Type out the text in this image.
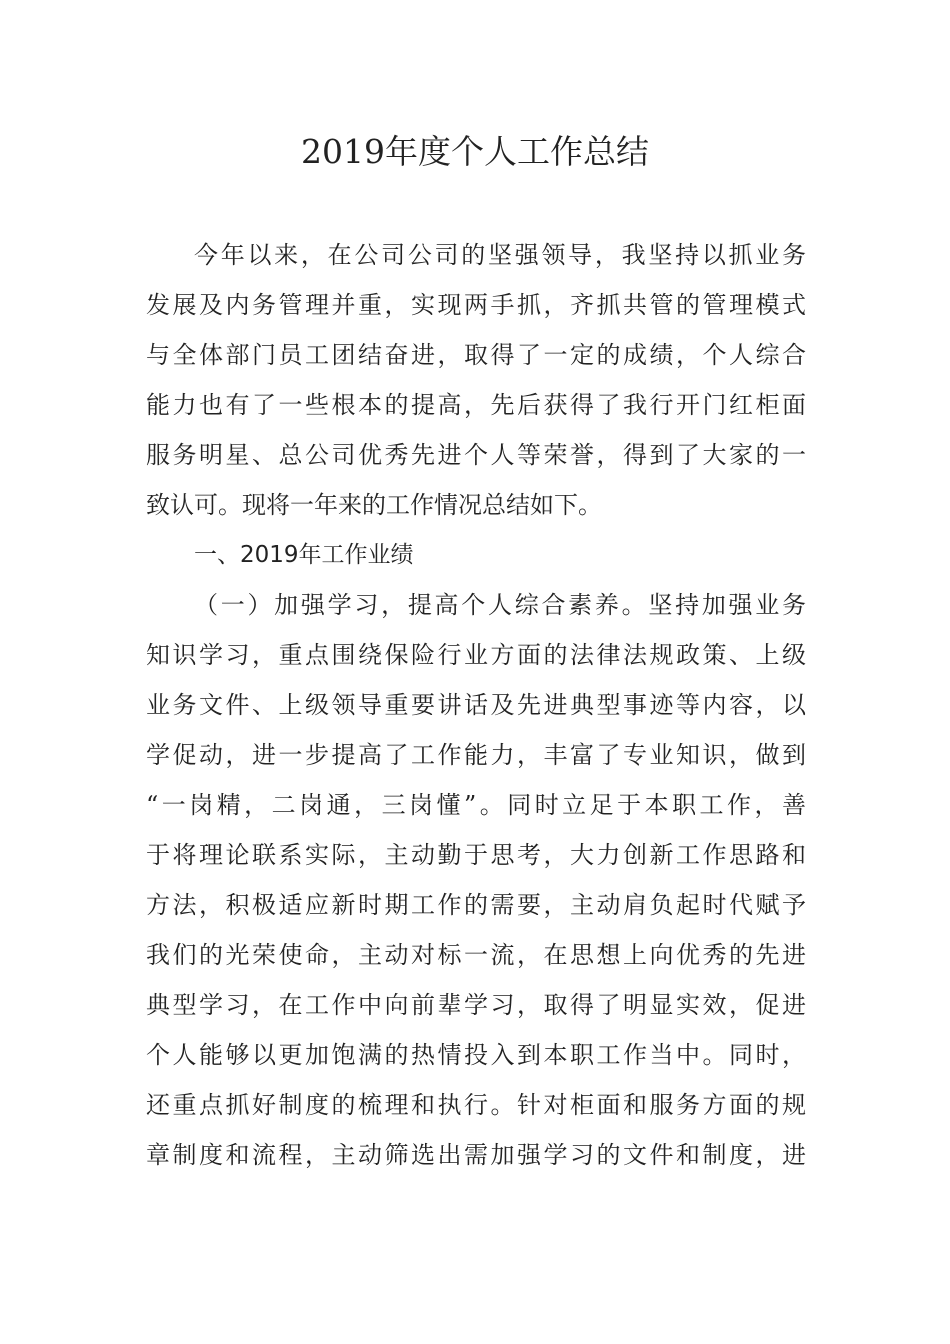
2019年度个人工作总结
今年以来，在公司公司的坚强领导，我坚持以抓业务
发展及内务管理并重，实现两手抓，齐抓共管的管理模式
与全体部门员工团结奋进，取得了一定的成绩，个人综合
能力也有了一些根本的提高，先后获得了我行开门红柜面
服务明星、总公司优秀先进个人等荣誉，得到了大家的一
致认可。现将一年来的工作情况总结如下。
一、2019年工作业绩
（一）加强学习，提高个人综合素养。坚持加强业务
知识学习，重点围绕保险行业方面的法律法规政策、上级
业务文件、上级领导重要讲话及先进典型事迹等内容，以
学促动，进一步提高了工作能力，丰富了专业知识，做到
“一岗精，二岗通，三岗懂”。同时立足于本职工作，善
于将理论联系实际，主动勤于思考，大力创新工作思路和
方法，积极适应新时期工作的需要，主动肩负起时代赋予
我们的光荣使命，主动对标一流，在思想上向优秀的先进
典型学习，在工作中向前辈学习，取得了明显实效，促进
个人能够以更加饱满的热情投入到本职工作当中。同时，
还重点抓好制度的梳理和执行。针对柜面和服务方面的规
章制度和流程，主动筛选出需加强学习的文件和制度，进
